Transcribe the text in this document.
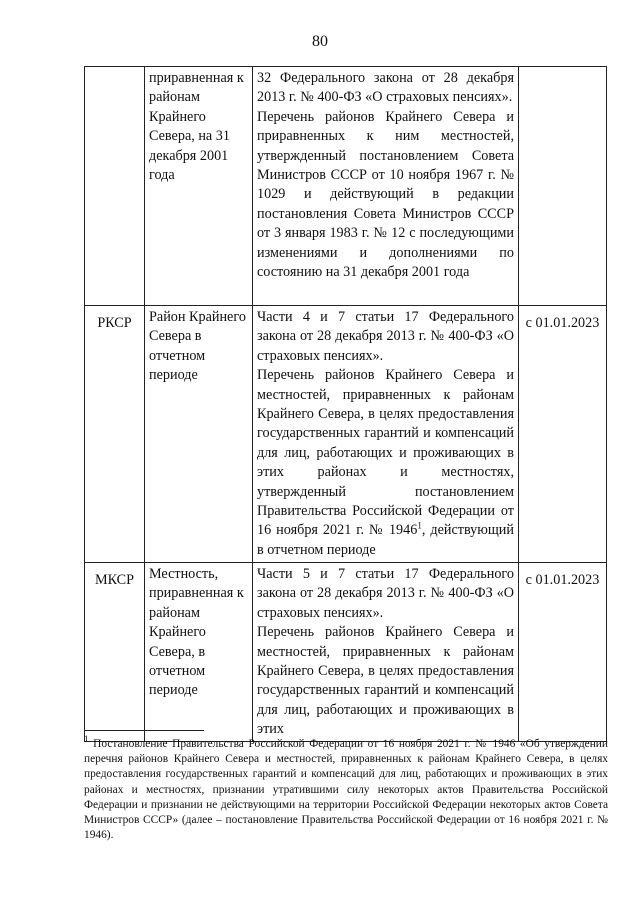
80
	приравненная к районам Крайнего Севера, на 31 декабря 2001 года	32 Федерального закона от 28 декабря 2013 г. № 400-ФЗ «О страховых пенсиях».

Перечень районов Крайнего Севера и приравненных к ним местностей, утвержденный постановлением Совета Министров СССР от 10 ноября 1967 г. № 1029 и действующий в редакции постановления Совета Министров СССР от 3 января 1983 г. № 12 с последующими изменениями и дополнениями по состоянию на 31 декабря 2001 года	

РКСР	Район Крайнего Севера в отчетном периоде	Части 4 и 7 статьи 17 Федерального закона от 28 декабря 2013 г. № 400-ФЗ «О страховых пенсиях».

Перечень районов Крайнего Севера и местностей, приравненных к районам Крайнего Севера, в целях предоставления государственных гарантий и компенсаций для лиц, работающих и проживающих в этих районах и местностях, утвержденный постановлением Правительства Российской Федерации от 16 ноября 2021 г. № 1946$^1$, действующий в отчетном периоде	с 01.01.2023
МКСР	Местность, приравненная к районам Крайнего Севера, в отчетном периоде	Части 5 и 7 статьи 17 Федерального закона от 28 декабря 2013 г. № 400-ФЗ «О страховых пенсиях».

Перечень районов Крайнего Севера и местностей, приравненных к районам Крайнего Севера, в целях предоставления государственных гарантий и компенсаций для лиц, работающих и проживающих в этих	с 01.01.2023
$^1$ Постановление Правительства Российской Федерации от 16 ноября 2021 г. № 1946 «Об утверждении перечня районов Крайнего Севера и местностей, приравненных к районам Крайнего Севера, в целях предоставления государственных гарантий и компенсаций для лиц, работающих и проживающих в этих районах и местностях, признании утратившими силу некоторых актов Правительства Российской Федерации и признании не действующими на территории Российской Федерации некоторых актов Совета Министров СССР» (далее – постановление Правительства Российской Федерации от 16 ноября 2021 г. № 1946).
